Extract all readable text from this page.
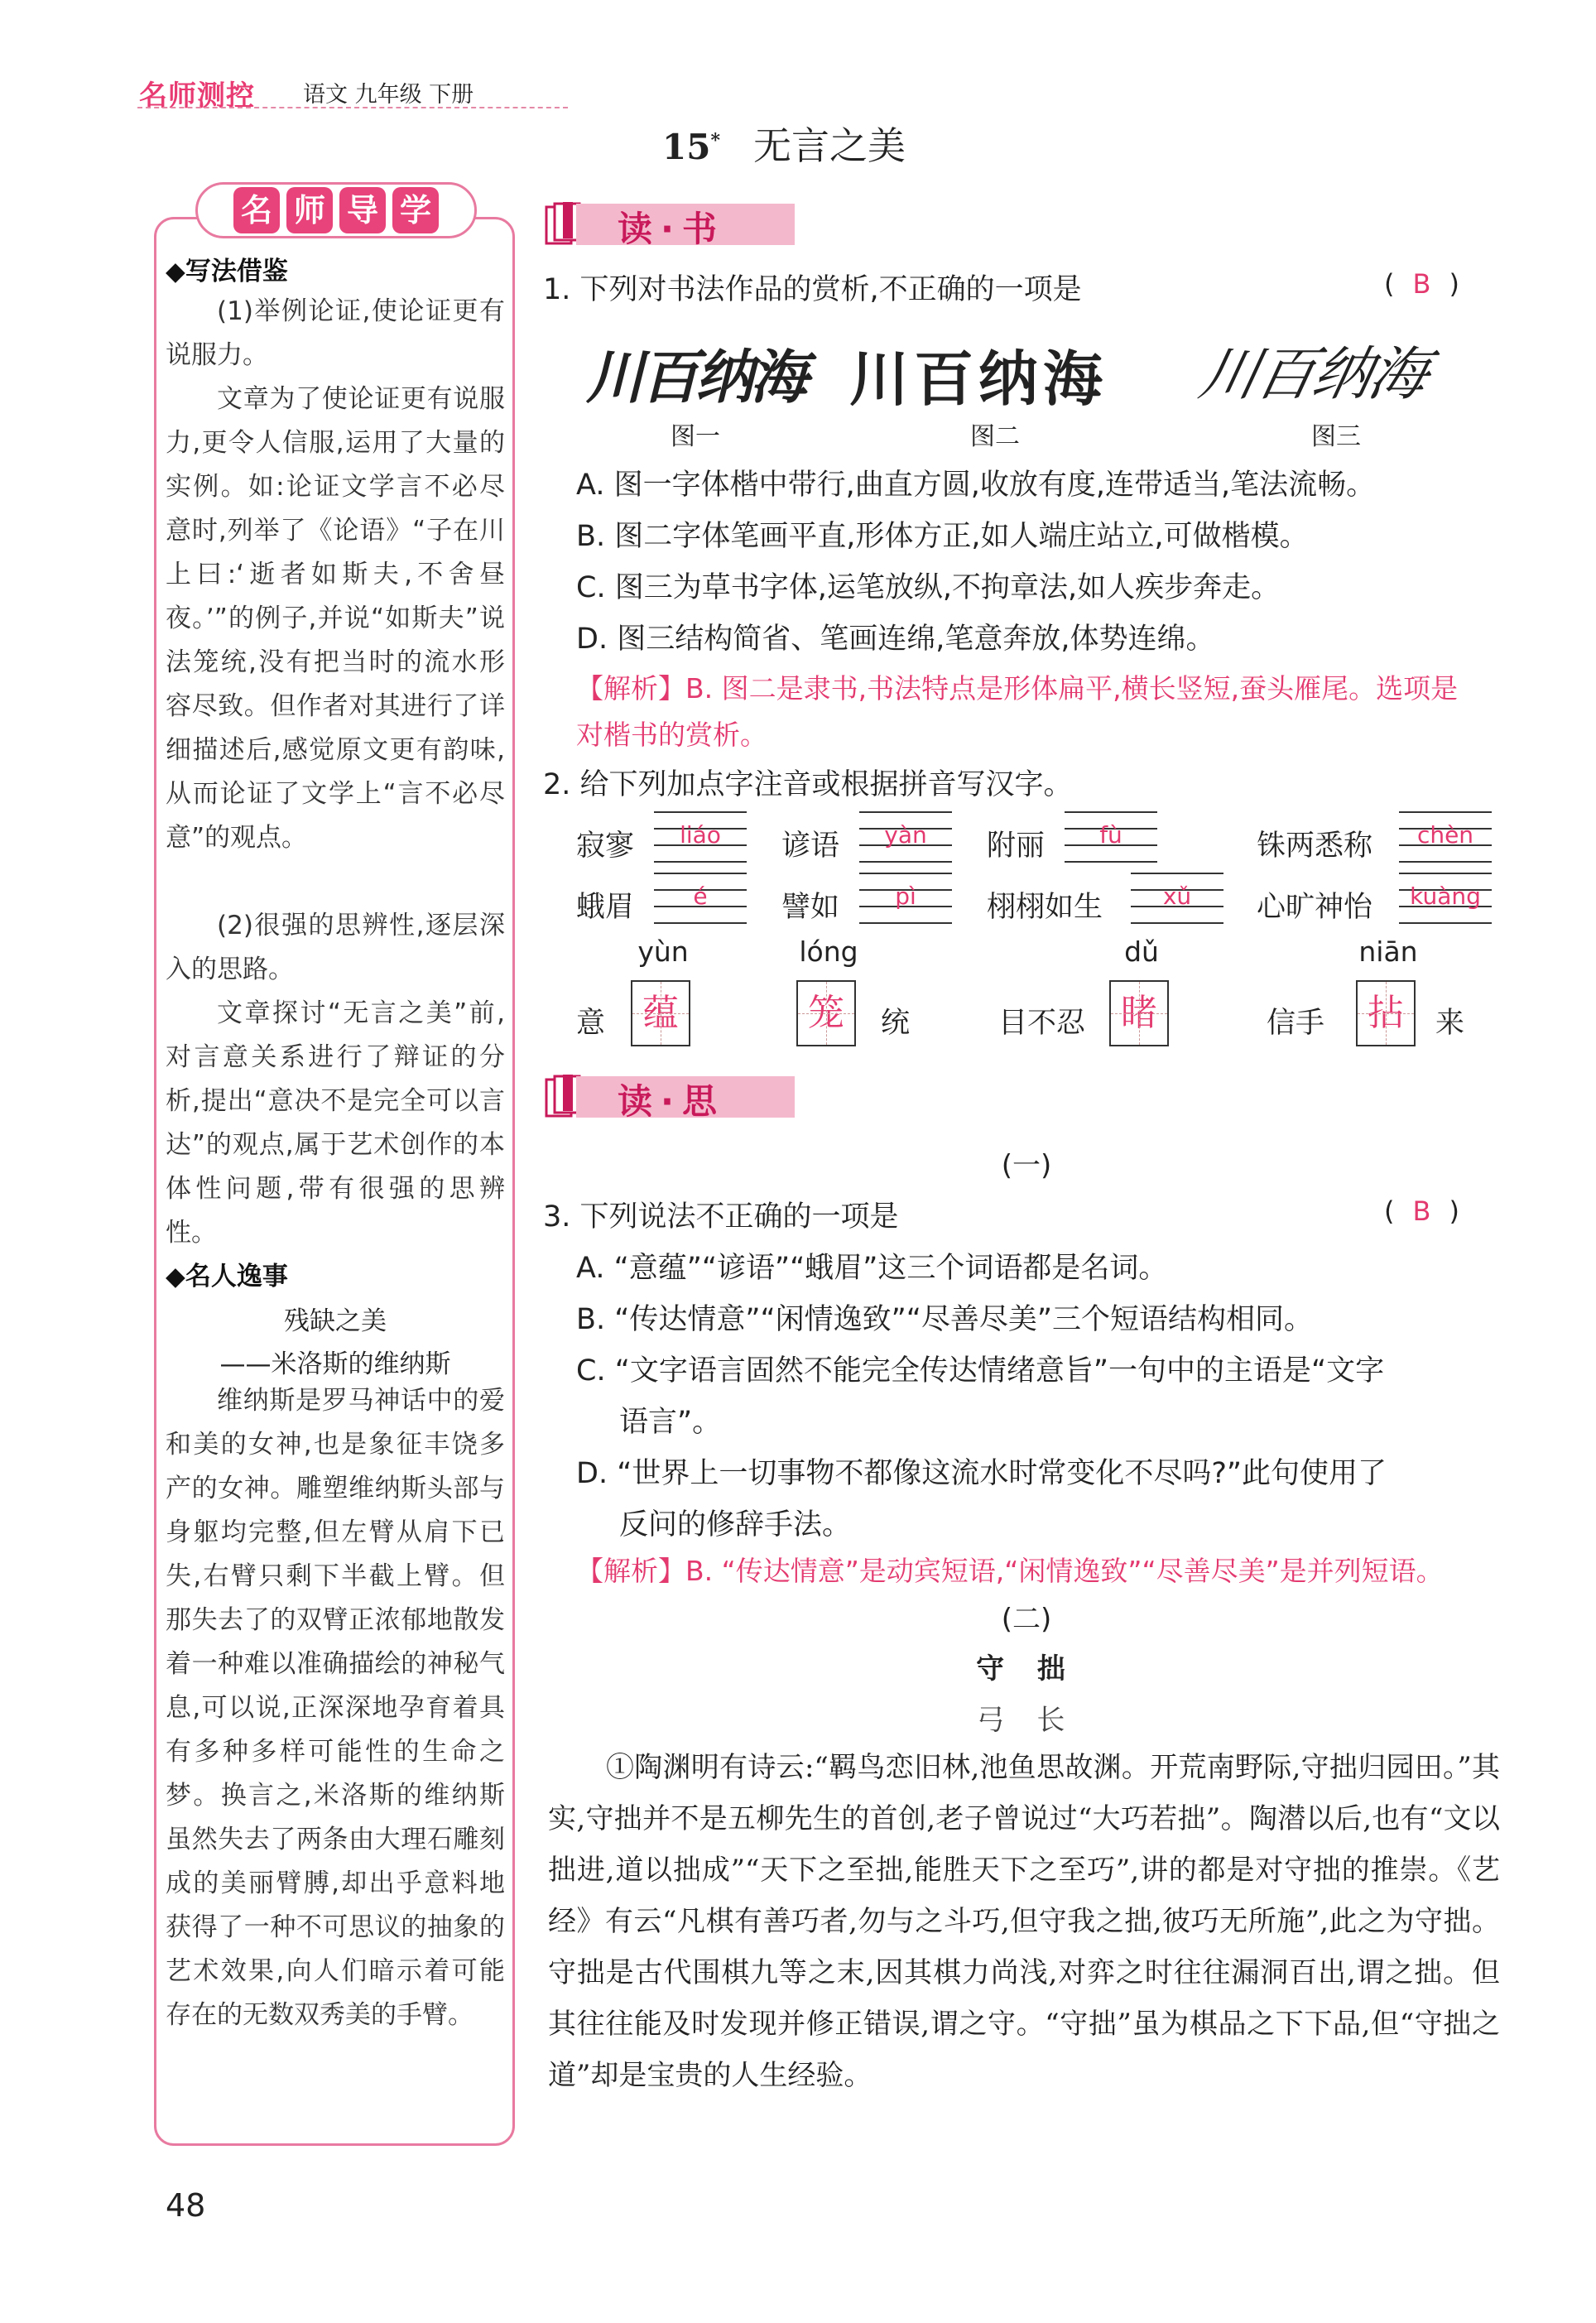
名师测控 语文 九年级 下册
15* 无言之美
名 师 导 学
◆写法借鉴
(1)举例论证,使论证更有说服力。
文章为了使论证更有说服力,更令人信服,运用了大量的实例。如:论证文学言不必尽意时,列举了《论语》“子在川上曰:‘逝者如斯夫,不舍昼夜。’”的例子,并说“如斯夫”说法笼统,没有把当时的流水形容尽致。但作者对其进行了详细描述后,感觉原文更有韵味,从而论证了文学上“言不必尽意”的观点。
(2)很强的思辨性,逐层深入的思路。
文章探讨“无言之美”前,对言意关系进行了辩证的分析,提出“意决不是完全可以言达”的观点,属于艺术创作的本体性问题,带有很强的思辨性。
◆名人逸事
残缺之美
——米洛斯的维纳斯
维纳斯是罗马神话中的爱和美的女神,也是象征丰饶多产的女神。雕塑维纳斯头部与身躯均完整,但左臂从肩下已失,右臂只剩下半截上臂。但那失去了的双臂正浓郁地散发着一种难以准确描绘的神秘气息,可以说,正深深地孕育着具有多种多样可能性的生命之梦。换言之,米洛斯的维纳斯虽然失去了两条由大理石雕刻成的美丽臂膊,却出乎意料地获得了一种不可思议的抽象的艺术效果,向人们暗示着可能存在的无数双秀美的手臂。
读·书
1. 下列对书法作品的赏析,不正确的一项是	( B )
川百纳海 川百纳海 川百纳海
图一	图二	图三
A. 图一字体楷中带行,曲直方圆,收放有度,连带适当,笔法流畅。
B. 图二字体笔画平直,形体方正,如人端庄站立,可做楷模。
C. 图三为草书字体,运笔放纵,不拘章法,如人疾步奔走。
D. 图三结构简省、笔画连绵,笔意奔放,体势连绵。
【解析】B. 图二是隶书,书法特点是形体扁平,横长竖短,蚕头雁尾。选项是
对楷书的赏析。
2. 给下列加点字注音或根据拼音写汉字。
寂寥	liáo	谚语	yàn	附丽	fù	铢两悉称	chèn
蛾眉	é	譬如	pì	栩栩如生	xǔ	心旷神怡	kuàng
yùn
意	蕴
lóng
笼	统
dǔ
目不忍 睹
niān
信手	拈	来
读·思
(一)
3. 下列说法不正确的一项是	( B )
A. “意蕴”“谚语”“蛾眉”这三个词语都是名词。
B. “传达情意”“闲情逸致”“尽善尽美”三个短语结构相同。
C. “文字语言固然不能完全传达情绪意旨”一句中的主语是“文字
语言”。
D. “世界上一切事物不都像这流水时常变化不尽吗?”此句使用了
反问的修辞手法。
【解析】B. “传达情意”是动宾短语,“闲情逸致”“尽善尽美”是并列短语。
(二)
守 拙
弓 长
①陶渊明有诗云:“羁鸟恋旧林,池鱼思故渊。开荒南野际,守拙归园田。”其实,守拙并不是五柳先生的首创,老子曾说过“大巧若拙”。陶潜以后,也有“文以拙进,道以拙成”“天下之至拙,能胜天下之至巧”,讲的都是对守拙的推崇。《艺经》有云“凡棋有善巧者,勿与之斗巧,但守我之拙,彼巧无所施”,此之为守拙。守拙是古代围棋九等之末,因其棋力尚浅,对弈之时往往漏洞百出,谓之拙。但其往往能及时发现并修正错误,谓之守。“守拙”虽为棋品之下下品,但“守拙之道”却是宝贵的人生经验。
48
